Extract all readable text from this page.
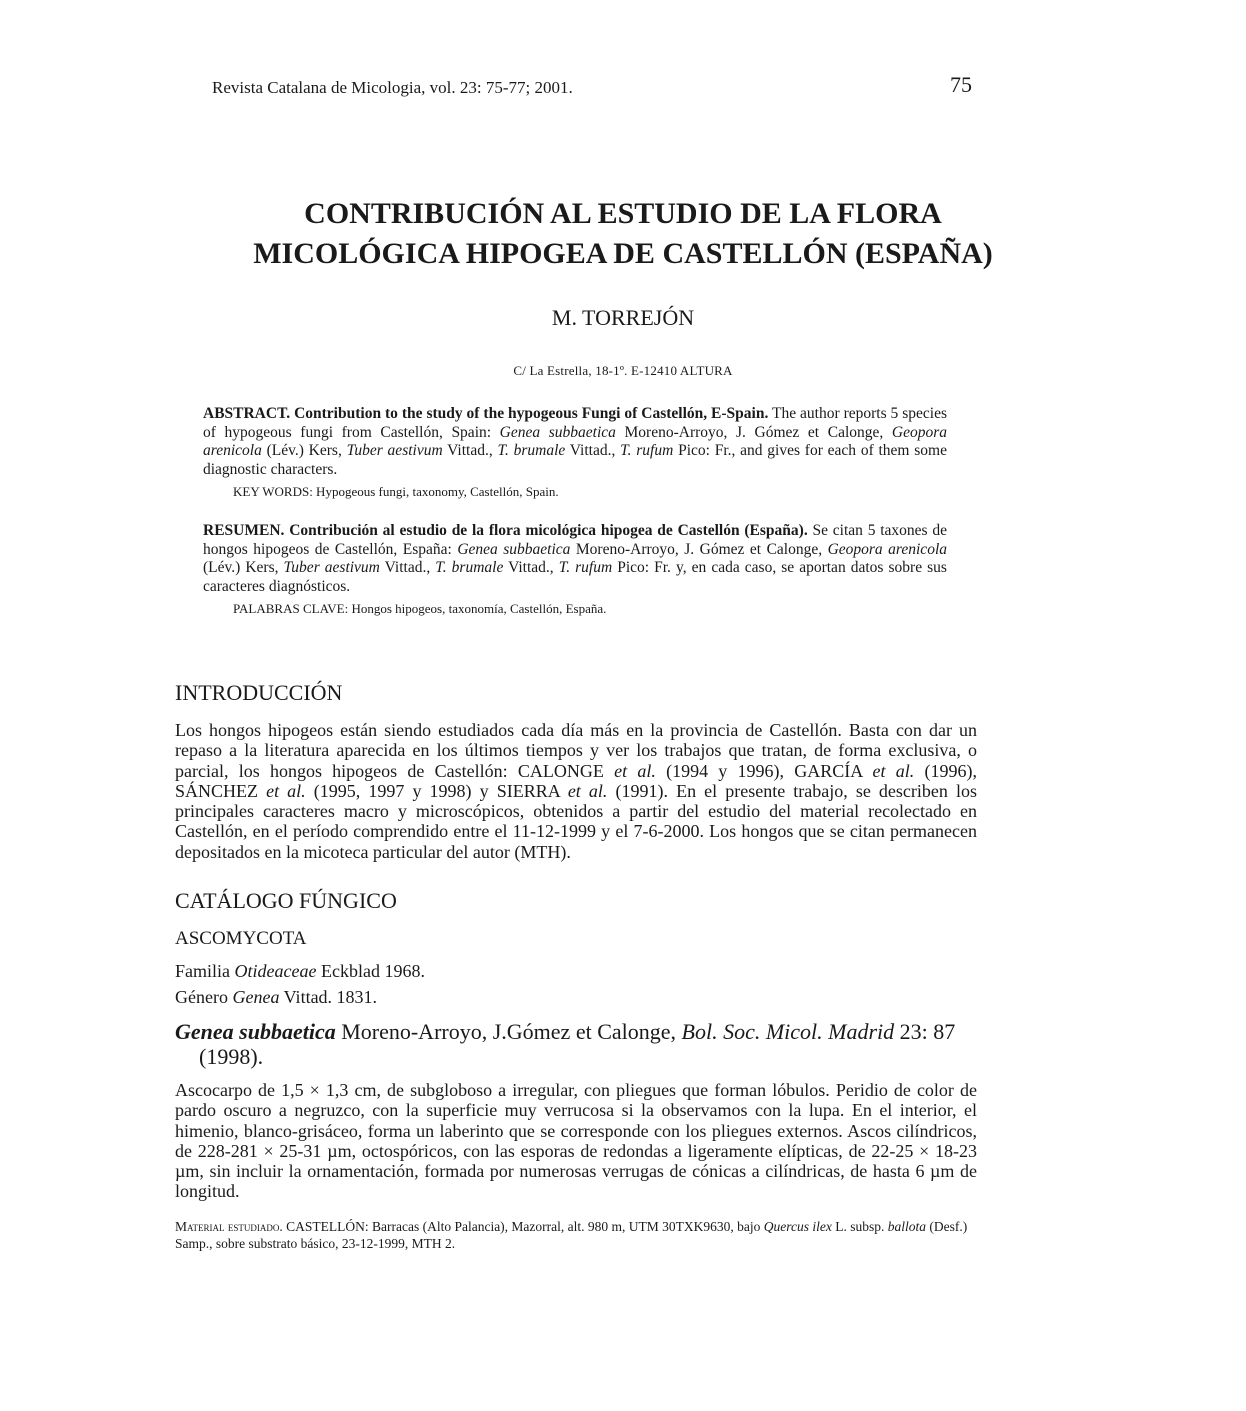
Revista Catalana de Micologia, vol. 23: 75-77; 2001.	75
CONTRIBUCIÓN AL ESTUDIO DE LA FLORA
MICOLÓGICA HIPOGEA DE CASTELLÓN (ESPAÑA)
M. TORREJÓN
C/ La Estrella, 18-1º. E-12410 ALTURA
ABSTRACT. Contribution to the study of the hypogeous Fungi of Castellón, E-Spain. The author reports 5 species of hypogeous fungi from Castellón, Spain: Genea subbaetica Moreno-Arroyo, J. Gómez et Calonge, Geopora arenicola (Lév.) Kers, Tuber aestivum Vittad., T. brumale Vittad., T. rufum Pico: Fr., and gives for each of them some diagnostic characters.
KEY WORDS: Hypogeous fungi, taxonomy, Castellón, Spain.
RESUMEN. Contribución al estudio de la flora micológica hipogea de Castellón (España). Se citan 5 taxones de hongos hipogeos de Castellón, España: Genea subbaetica Moreno-Arroyo, J. Gómez et Calonge, Geopora arenicola (Lév.) Kers, Tuber aestivum Vittad., T. brumale Vittad., T. rufum Pico: Fr. y, en cada caso, se aportan datos sobre sus caracteres diagnósticos.
PALABRAS CLAVE: Hongos hipogeos, taxonomía, Castellón, España.
INTRODUCCIÓN
Los hongos hipogeos están siendo estudiados cada día más en la provincia de Castellón. Basta con dar un repaso a la literatura aparecida en los últimos tiempos y ver los trabajos que tratan, de forma exclusiva, o parcial, los hongos hipogeos de Castellón: CALONGE et al. (1994 y 1996), GARCÍA et al. (1996), SÁNCHEZ et al. (1995, 1997 y 1998) y SIERRA et al. (1991). En el presente trabajo, se describen los principales caracteres macro y microscópicos, obtenidos a partir del estudio del material recolectado en Castellón, en el período comprendido entre el 11-12-1999 y el 7-6-2000. Los hongos que se citan permanecen depositados en la micoteca particular del autor (MTH).
CATÁLOGO FÚNGICO
ASCOMYCOTA
Familia Otideaceae Eckblad 1968.
Género Genea Vittad. 1831.
Genea subbaetica Moreno-Arroyo, J.Gómez et Calonge, Bol. Soc. Micol. Madrid 23: 87
(1998).
Ascocarpo de 1,5 × 1,3 cm, de subgloboso a irregular, con pliegues que forman lóbulos. Peridio de color de pardo oscuro a negruzco, con la superficie muy verrucosa si la observamos con la lupa. En el interior, el himenio, blanco-grisáceo, forma un laberinto que se corresponde con los pliegues externos. Ascos cilíndricos, de 228-281 × 25-31 µm, octospóricos, con las esporas de redondas a ligeramente elípticas, de 22-25 × 18-23 µm, sin incluir la ornamentación, formada por numerosas verrugas de cónicas a cilíndricas, de hasta 6 µm de longitud.
Material estudiado. CASTELLÓN: Barracas (Alto Palancia), Mazorral, alt. 980 m, UTM 30TXK9630, bajo Quercus ilex L. subsp. ballota (Desf.) Samp., sobre substrato básico, 23-12-1999, MTH 2.
